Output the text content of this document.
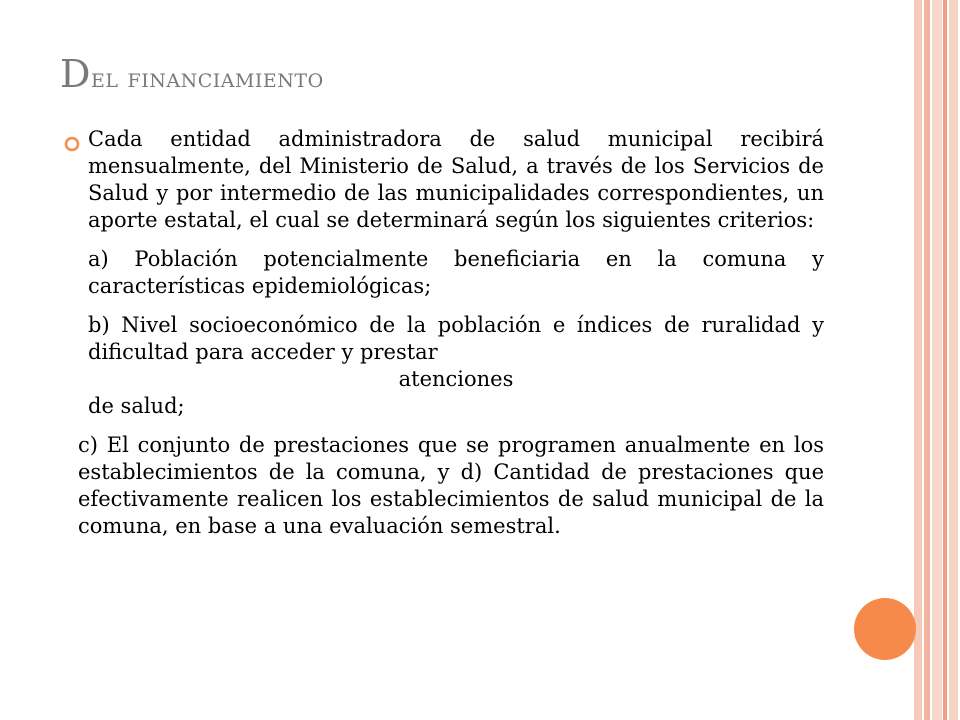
Del financiamiento

Cada entidad administradora de salud municipal recibirá mensualmente, del Ministerio de Salud, a través de los Servicios de Salud y por intermedio de las municipalidades correspondientes, un aporte estatal, el cual se determinará según los siguientes criterios:

a) Población potencialmente beneficiaria en la comuna y características epidemiológicas;

b) Nivel socioeconómico de la población e índices de ruralidad y dificultad para acceder y prestar

atenciones

de salud;

c) El conjunto de prestaciones que se programen anualmente en los establecimientos de la comuna, y d) Cantidad de prestaciones que efectivamente realicen los establecimientos de salud municipal de la comuna, en base a una evaluación semestral.
